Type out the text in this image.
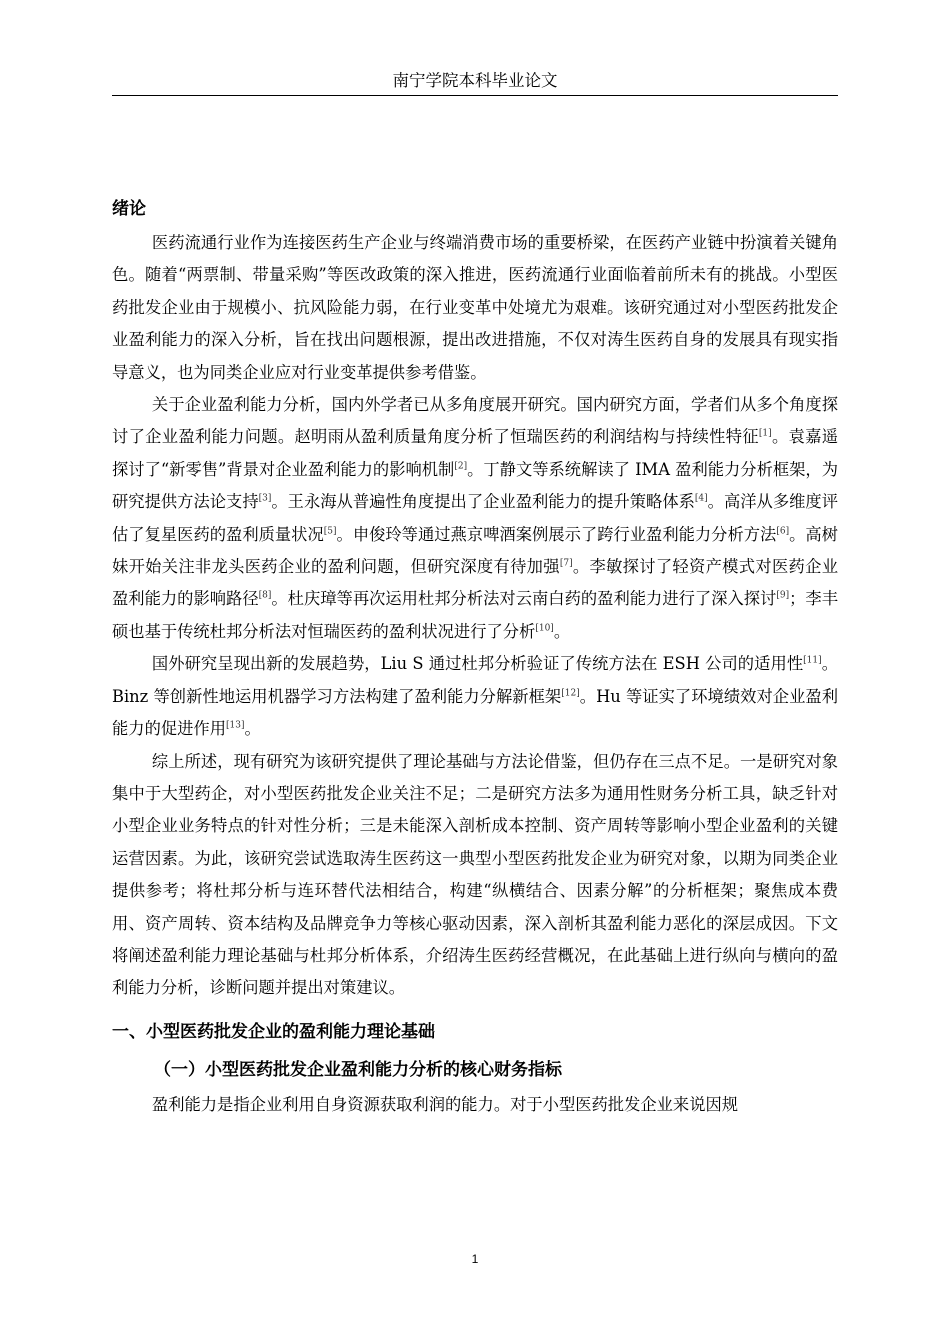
南宁学院本科毕业论文
绪论

医药流通行业作为连接医药生产企业与终端消费市场的重要桥梁，在医药产业链中扮演着关键角色。随着“两票制、带量采购”等医改政策的深入推进，医药流通行业面临着前所未有的挑战。小型医药批发企业由于规模小、抗风险能力弱，在行业变革中处境尤为艰难。该研究通过对小型医药批发企业盈利能力的深入分析，旨在找出问题根源，提出改进措施，不仅对涛生医药自身的发展具有现实指导意义，也为同类企业应对行业变革提供参考借鉴。

关于企业盈利能力分析，国内外学者已从多角度展开研究。国内研究方面，学者们从多个角度探讨了企业盈利能力问题。赵明雨从盈利质量角度分析了恒瑞医药的利润结构与持续性特征[1]。袁嘉遥探讨了“新零售”背景对企业盈利能力的影响机制[2]。丁静文等系统解读了 IMA 盈利能力分析框架，为研究提供方法论支持[3]。王永海从普遍性角度提出了企业盈利能力的提升策略体系[4]。高洋从多维度评估了复星医药的盈利质量状况[5]。申俊玲等通过燕京啤酒案例展示了跨行业盈利能力分析方法[6]。高树妹开始关注非龙头医药企业的盈利问题，但研究深度有待加强[7]。李敏探讨了轻资产模式对医药企业盈利能力的影响路径[8]。杜庆璋等再次运用杜邦分析法对云南白药的盈利能力进行了深入探讨[9]；李丰硕也基于传统杜邦分析法对恒瑞医药的盈利状况进行了分析[10]。

国外研究呈现出新的发展趋势，Liu S 通过杜邦分析验证了传统方法在 ESH 公司的适用性[11]。Binz 等创新性地运用机器学习方法构建了盈利能力分解新框架[12]。Hu 等证实了环境绩效对企业盈利能力的促进作用[13]。

综上所述，现有研究为该研究提供了理论基础与方法论借鉴，但仍存在三点不足。一是研究对象集中于大型药企，对小型医药批发企业关注不足；二是研究方法多为通用性财务分析工具，缺乏针对小型企业业务特点的针对性分析；三是未能深入剖析成本控制、资产周转等影响小型企业盈利的关键运营因素。为此，该研究尝试选取涛生医药这一典型小型医药批发企业为研究对象，以期为同类企业提供参考；将杜邦分析与连环替代法相结合，构建“纵横结合、因素分解”的分析框架；聚焦成本费用、资产周转、资本结构及品牌竞争力等核心驱动因素，深入剖析其盈利能力恶化的深层成因。下文将阐述盈利能力理论基础与杜邦分析体系，介绍涛生医药经营概况，在此基础上进行纵向与横向的盈利能力分析，诊断问题并提出对策建议。

一、小型医药批发企业的盈利能力理论基础
（一）小型医药批发企业盈利能力分析的核心财务指标

盈利能力是指企业利用自身资源获取利润的能力。对于小型医药批发企业来说因规

1
